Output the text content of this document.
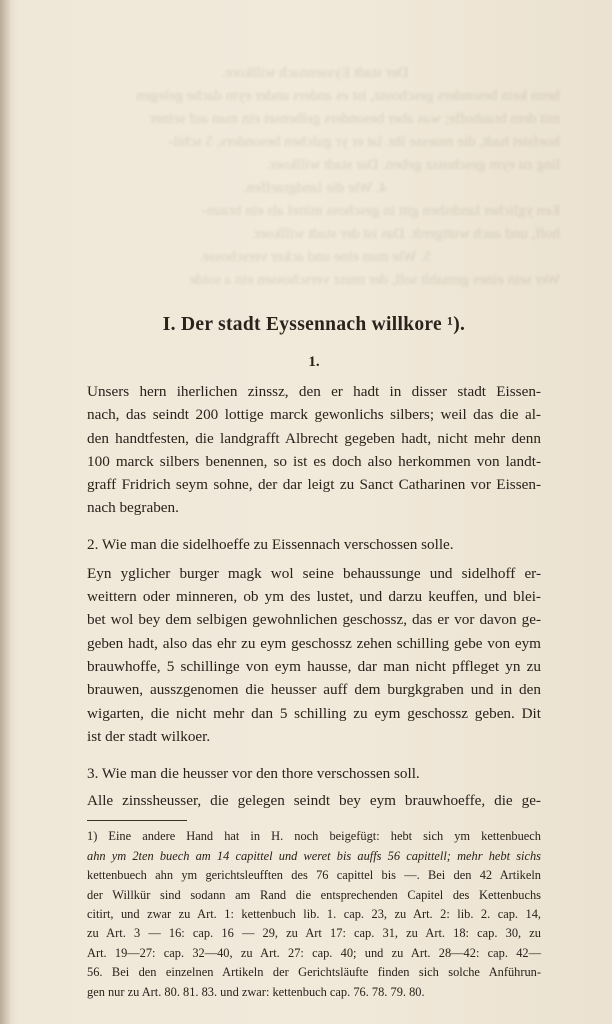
Der stadt Eyssennach willkore.

henn kein besonders geschossz, ist es anders under eym dache gelegen

mit dem brauhoffe; was aber besonders gelhenset ein man auf seiner

hoefstet hadt, die muesse ihr. lat er yr gulchen besonders, 5 schil-

ling zu eym geschossz geben. Dar stadt willkoer.

4. Wie die landgraeffen.

Een yglicher landtshen gitt in geschoss mittel als ein braun-

hoff, und auch wuttgerdt. Das ist der stadt willkoer.

5. Wie man eine und acker verschosse.

Wer sein eines gemahlt soll, der musz verschossen ein a soide

I. Der stadt Eyssennach willkore ¹).
1.
Unsers hern iherlichen zinssz, den er hadt in disser stadt Eissen-
nach, das seindt 200 lottige marck gewonlichs silbers; weil das die al-
den handtfesten, die landgrafft Albrecht gegeben hadt, nicht mehr denn
100 marck silbers benennen, so ist es doch also herkommen von landt-
graff Fridrich seym sohne, der dar leigt zu Sanct Catharinen vor Eissen-
nach begraben.
2. Wie man die sidelhoeffe zu Eissennach verschossen solle.
Eyn yglicher burger magk wol seine behaussunge und sidelhoff er-
weittern oder minneren, ob ym des lustet, und darzu keuffen, und blei-
bet wol bey dem selbigen gewohnlichen geschossz, das er vor davon ge-
geben hadt, also das ehr zu eym geschossz zehen schilling gebe von eym
brauwhoffe, 5 schillinge von eym hausse, dar man nicht pffleget yn zu
brauwen, ausszgenomen die heusser auff dem burgkgraben und in den
wigarten, die nicht mehr dan 5 schilling zu eym geschossz geben. Dit
ist der stadt wilkoer.
3. Wie man die heusser vor den thore verschossen soll.
Alle zinssheusser, die gelegen seindt bey eym brauwhoeffe, die ge-
1) Eine andere Hand hat in H. noch beigefügt: hebt sich ym kettenbuech
ahn ym 2ten buech am 14 capittel und weret bis auffs 56 capittell; mehr hebt sichs
kettenbuech ahn ym gerichtsleufften des 76 capittel bis —. Bei den 42 Artikeln
der Willkür sind sodann am Rand die entsprechenden Capitel des Kettenbuchs
citirt, und zwar zu Art. 1: kettenbuch lib. 1. cap. 23, zu Art. 2: lib. 2. cap. 14,
zu Art. 3 — 16: cap. 16 — 29, zu Art 17: cap. 31, zu Art. 18: cap. 30, zu
Art. 19—27: cap. 32—40, zu Art. 27: cap. 40; und zu Art. 28—42: cap. 42—
56. Bei den einzelnen Artikeln der Gerichtsläufte finden sich solche Anführun-
gen nur zu Art. 80. 81. 83. und zwar: kettenbuch cap. 76. 78. 79. 80.
